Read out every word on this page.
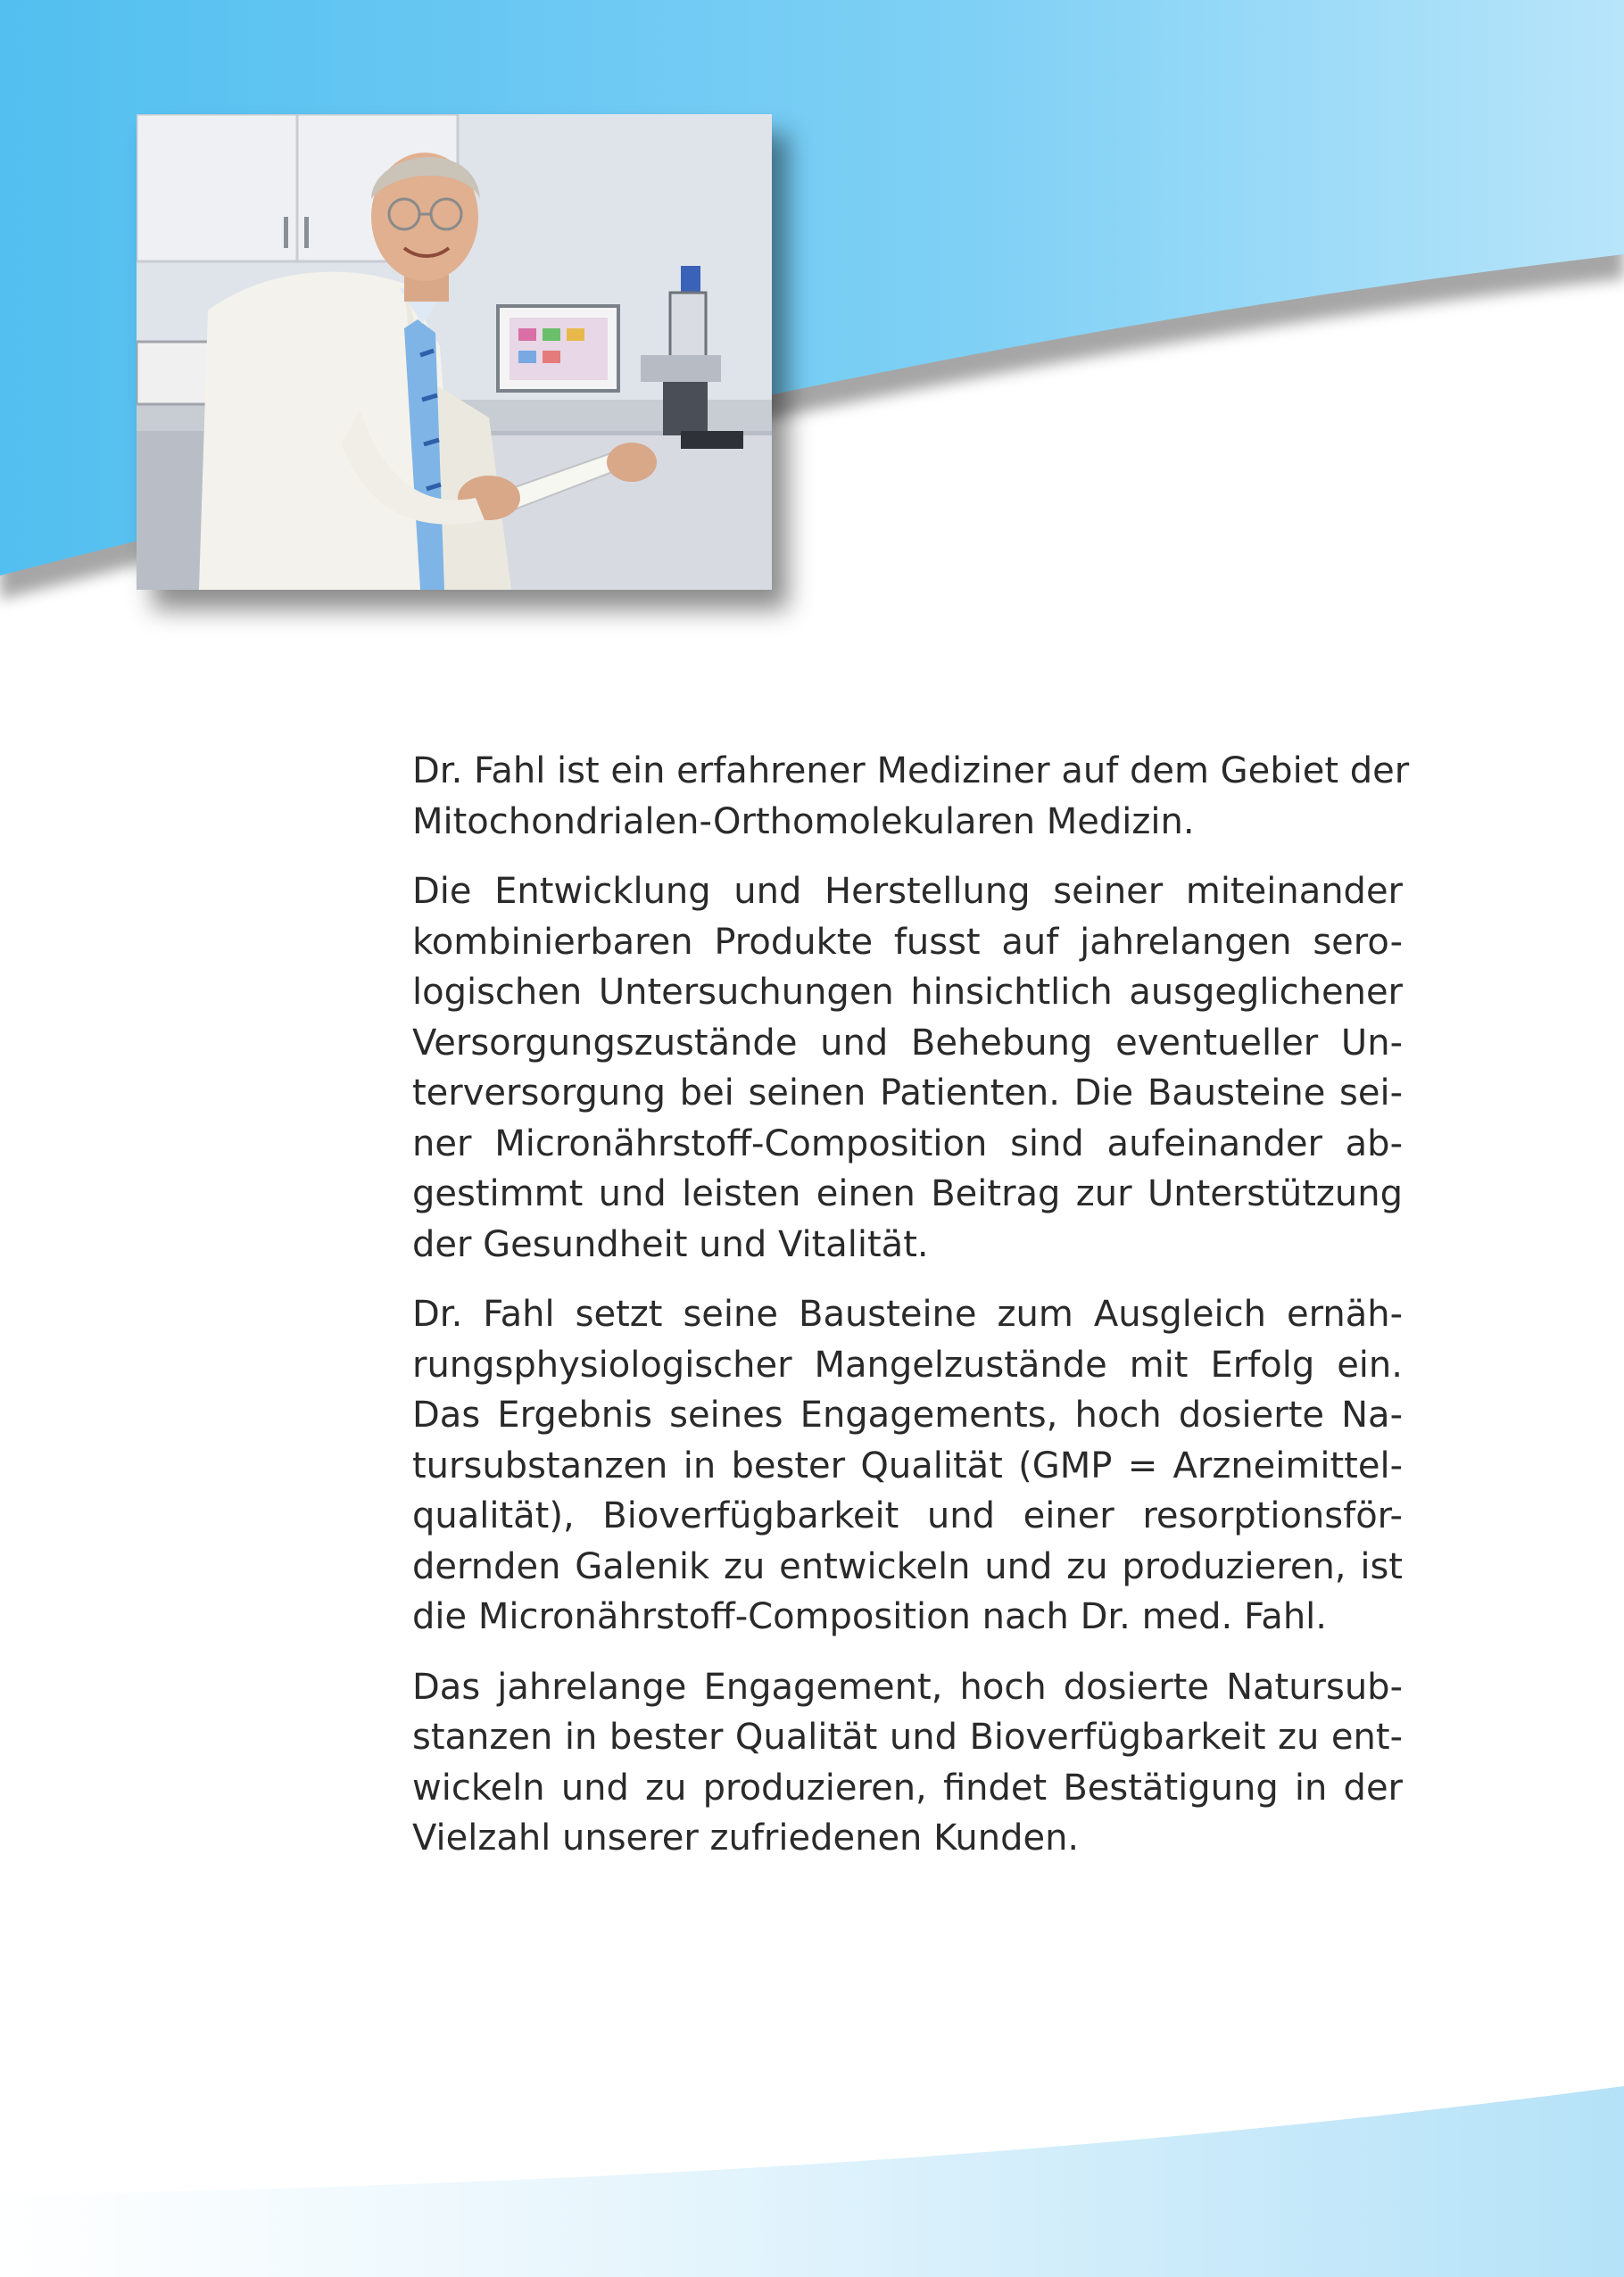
Dr. Fahl ist ein erfahrener Mediziner auf dem Gebiet der
Mitochondrialen-Orthomolekularen Medizin.

Die Entwicklung und Herstellung seiner miteinander
kombinierbaren Produkte fusst auf jahrelangen sero-
logischen Untersuchungen hinsichtlich ausgeglichener
Versorgungszustände und Behebung eventueller Un-
terversorgung bei seinen Patienten. Die Bausteine sei-
ner Micronährstoff-Composition sind aufeinander ab-
gestimmt und leisten einen Beitrag zur Unterstützung
der Gesundheit und Vitalität.

Dr. Fahl setzt seine Bausteine zum Ausgleich ernäh-
rungsphysiologischer Mangelzustände mit Erfolg ein.
Das Ergebnis seines Engagements, hoch dosierte Na-
tursubstanzen in bester Qualität (GMP = Arzneimittel-
qualität), Bioverfügbarkeit und einer resorptionsför-
dernden Galenik zu entwickeln und zu produzieren, ist
die Micronährstoff-Composition nach Dr. med. Fahl.

Das jahrelange Engagement, hoch dosierte Natursub-
stanzen in bester Qualität und Bioverfügbarkeit zu ent-
wickeln und zu produzieren, findet Bestätigung in der
Vielzahl unserer zufriedenen Kunden.
